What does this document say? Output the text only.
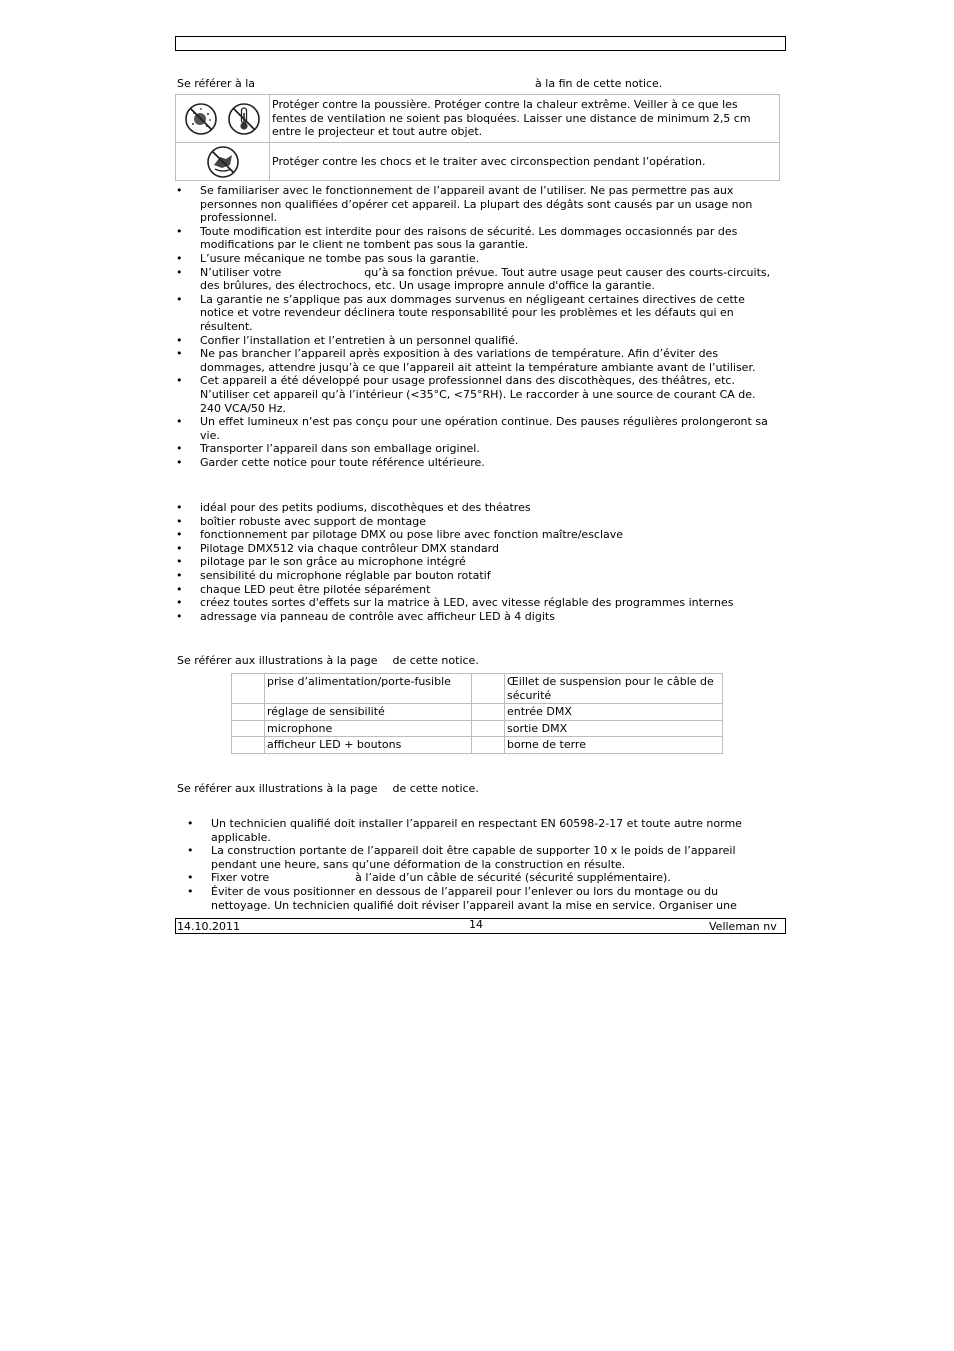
Se référer à la	à la fin de cette notice.
	Protéger contre la poussière. Protéger contre la chaleur extrême. Veiller à ce que les fentes de ventilation ne soient pas bloquées. Laisser une distance de minimum 2,5 cm entre le projecteur et tout autre objet.
	Protéger contre les chocs et le traiter avec circonspection pendant l’opération.
• Se familiariser avec le fonctionnement de l’appareil avant de l’utiliser. Ne pas permettre pas aux personnes non qualifiées d’opérer cet appareil. La plupart des dégâts sont causés par un usage non professionnel.
• Toute modification est interdite pour des raisons de sécurité. Les dommages occasionnés par des modifications par le client ne tombent pas sous la garantie.
• L’usure mécanique ne tombe pas sous la garantie.
• N’utiliser votre	qu’à sa fonction prévue. Tout autre usage peut causer des courts-circuits, des brûlures, des électrochocs, etc. Un usage impropre annule d'office la garantie.
• La garantie ne s’applique pas aux dommages survenus en négligeant certaines directives de cette notice et votre revendeur déclinera toute responsabilité pour les problèmes et les défauts qui en résultent.
• Confier l’installation et l’entretien à un personnel qualifié.
• Ne pas brancher l’appareil après exposition à des variations de température. Afin d’éviter des dommages, attendre jusqu’à ce que l’appareil ait atteint la température ambiante avant de l’utiliser.
• Cet appareil a été développé pour usage professionnel dans des discothèques, des théâtres, etc. N’utiliser cet appareil qu’à l’intérieur (<35°C, <75°RH). Le raccorder à une source de courant CA de. 240 VCA/50 Hz.
• Un effet lumineux n’est pas conçu pour une opération continue. Des pauses régulières prolongeront sa vie.
• Transporter l’appareil dans son emballage originel.
• Garder cette notice pour toute référence ultérieure.
• idéal pour des petits podiums, discothèques et des théatres
• boîtier robuste avec support de montage
• fonctionnement par pilotage DMX ou pose libre avec fonction maître/esclave
• Pilotage DMX512 via chaque contrôleur DMX standard
• pilotage par le son grâce au microphone intégré
• sensibilité du microphone réglable par bouton rotatif
• chaque LED peut être pilotée séparément
• créez toutes sortes d'effets sur la matrice à LED, avec vitesse réglable des programmes internes
• adressage via panneau de contrôle avec afficheur LED à 4 digits
Se référer aux illustrations à la page de cette notice.
	prise d’alimentation/porte-fusible		Œillet de suspension pour le câble de sécurité
	réglage de sensibilité		entrée DMX
	microphone		sortie DMX
	afficheur LED + boutons		borne de terre
Se référer aux illustrations à la page de cette notice.
• Un technicien qualifié doit installer l’appareil en respectant EN 60598-2-17 et toute autre norme applicable.
• La construction portante de l’appareil doit être capable de supporter 10 x le poids de l’appareil pendant une heure, sans qu’une déformation de la construction en résulte.
• Fixer votre	à l’aide d’un câble de sécurité (sécurité supplémentaire).
• Éviter de vous positionner en dessous de l’appareil pour l’enlever ou lors du montage ou du nettoyage. Un technicien qualifié doit réviser l’appareil avant la mise en service. Organiser une
14.10.2011	14	Velleman nv
